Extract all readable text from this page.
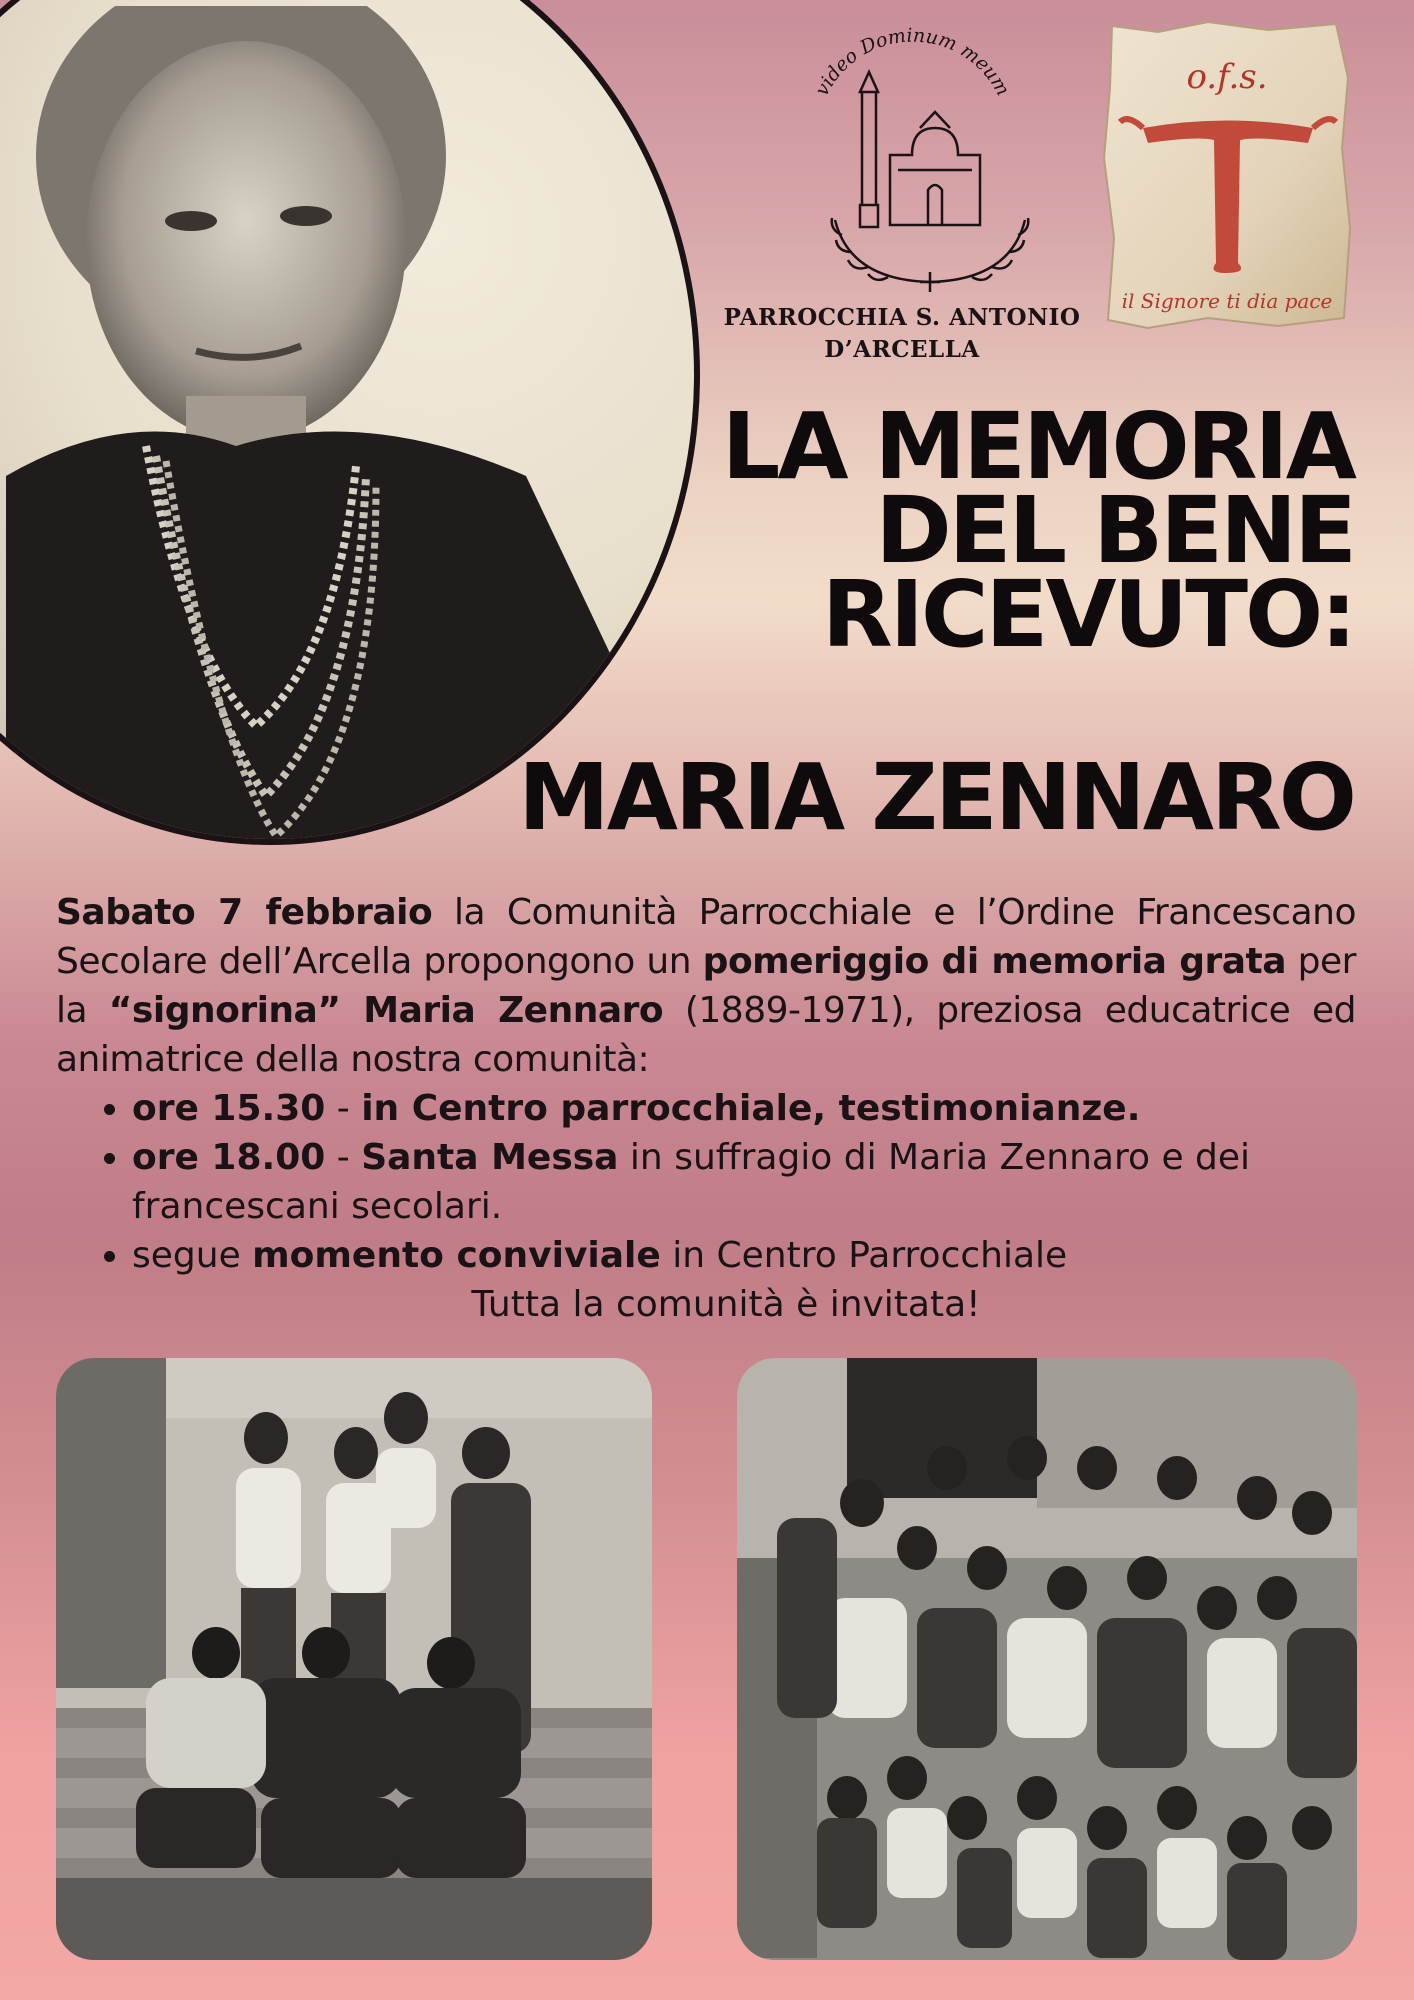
video Dominum meum
PARROCCHIA S. ANTONIO
D’ARCELLA
o.f.s.
il Signore ti dia pace
LA MEMORIA
DEL BENE
RICEVUTO:
MARIA ZENNARO

Sabato 7 febbraio la Comunità Parrocchiale e l’Ordine Francescano Secolare dell’Arcella propongono un pomeriggio di memoria grata per la “signorina” Maria Zennaro (1889-1971), preziosa educatrice ed animatrice della nostra comunità:

• ore 15.30 - in Centro parrocchiale, testimonianze.
• ore 18.00 - Santa Messa in suffragio di Maria Zennaro e dei francescani secolari.
• segue momento conviviale in Centro Parrocchiale

Tutta la comunità è invitata!
